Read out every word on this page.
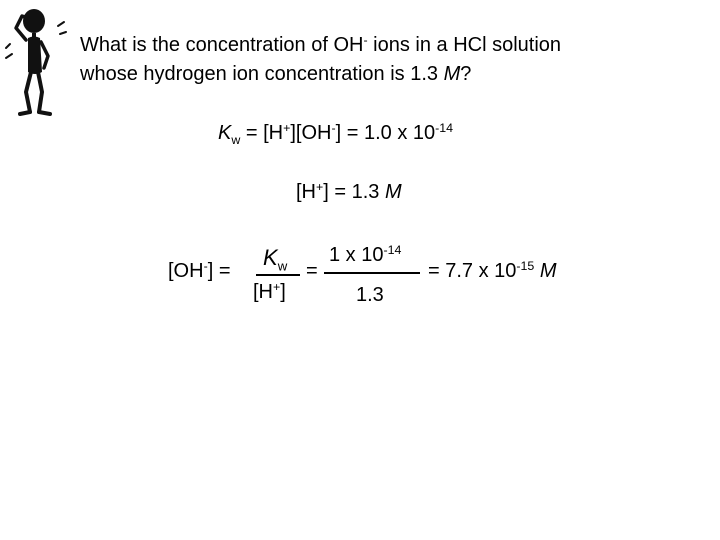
What is the concentration of OH- ions in a HCl solution
whose hydrogen ion concentration is 1.3 M?
$K_w = [H^+][OH^-] = 1.0$ x $10^{-14}$
[H+] = 1.3 M
[OH-] =
$K_w$
[H+]
=
1 x $10^{-14}$
1.3
= 7.7 x $10^{-15}$ M
